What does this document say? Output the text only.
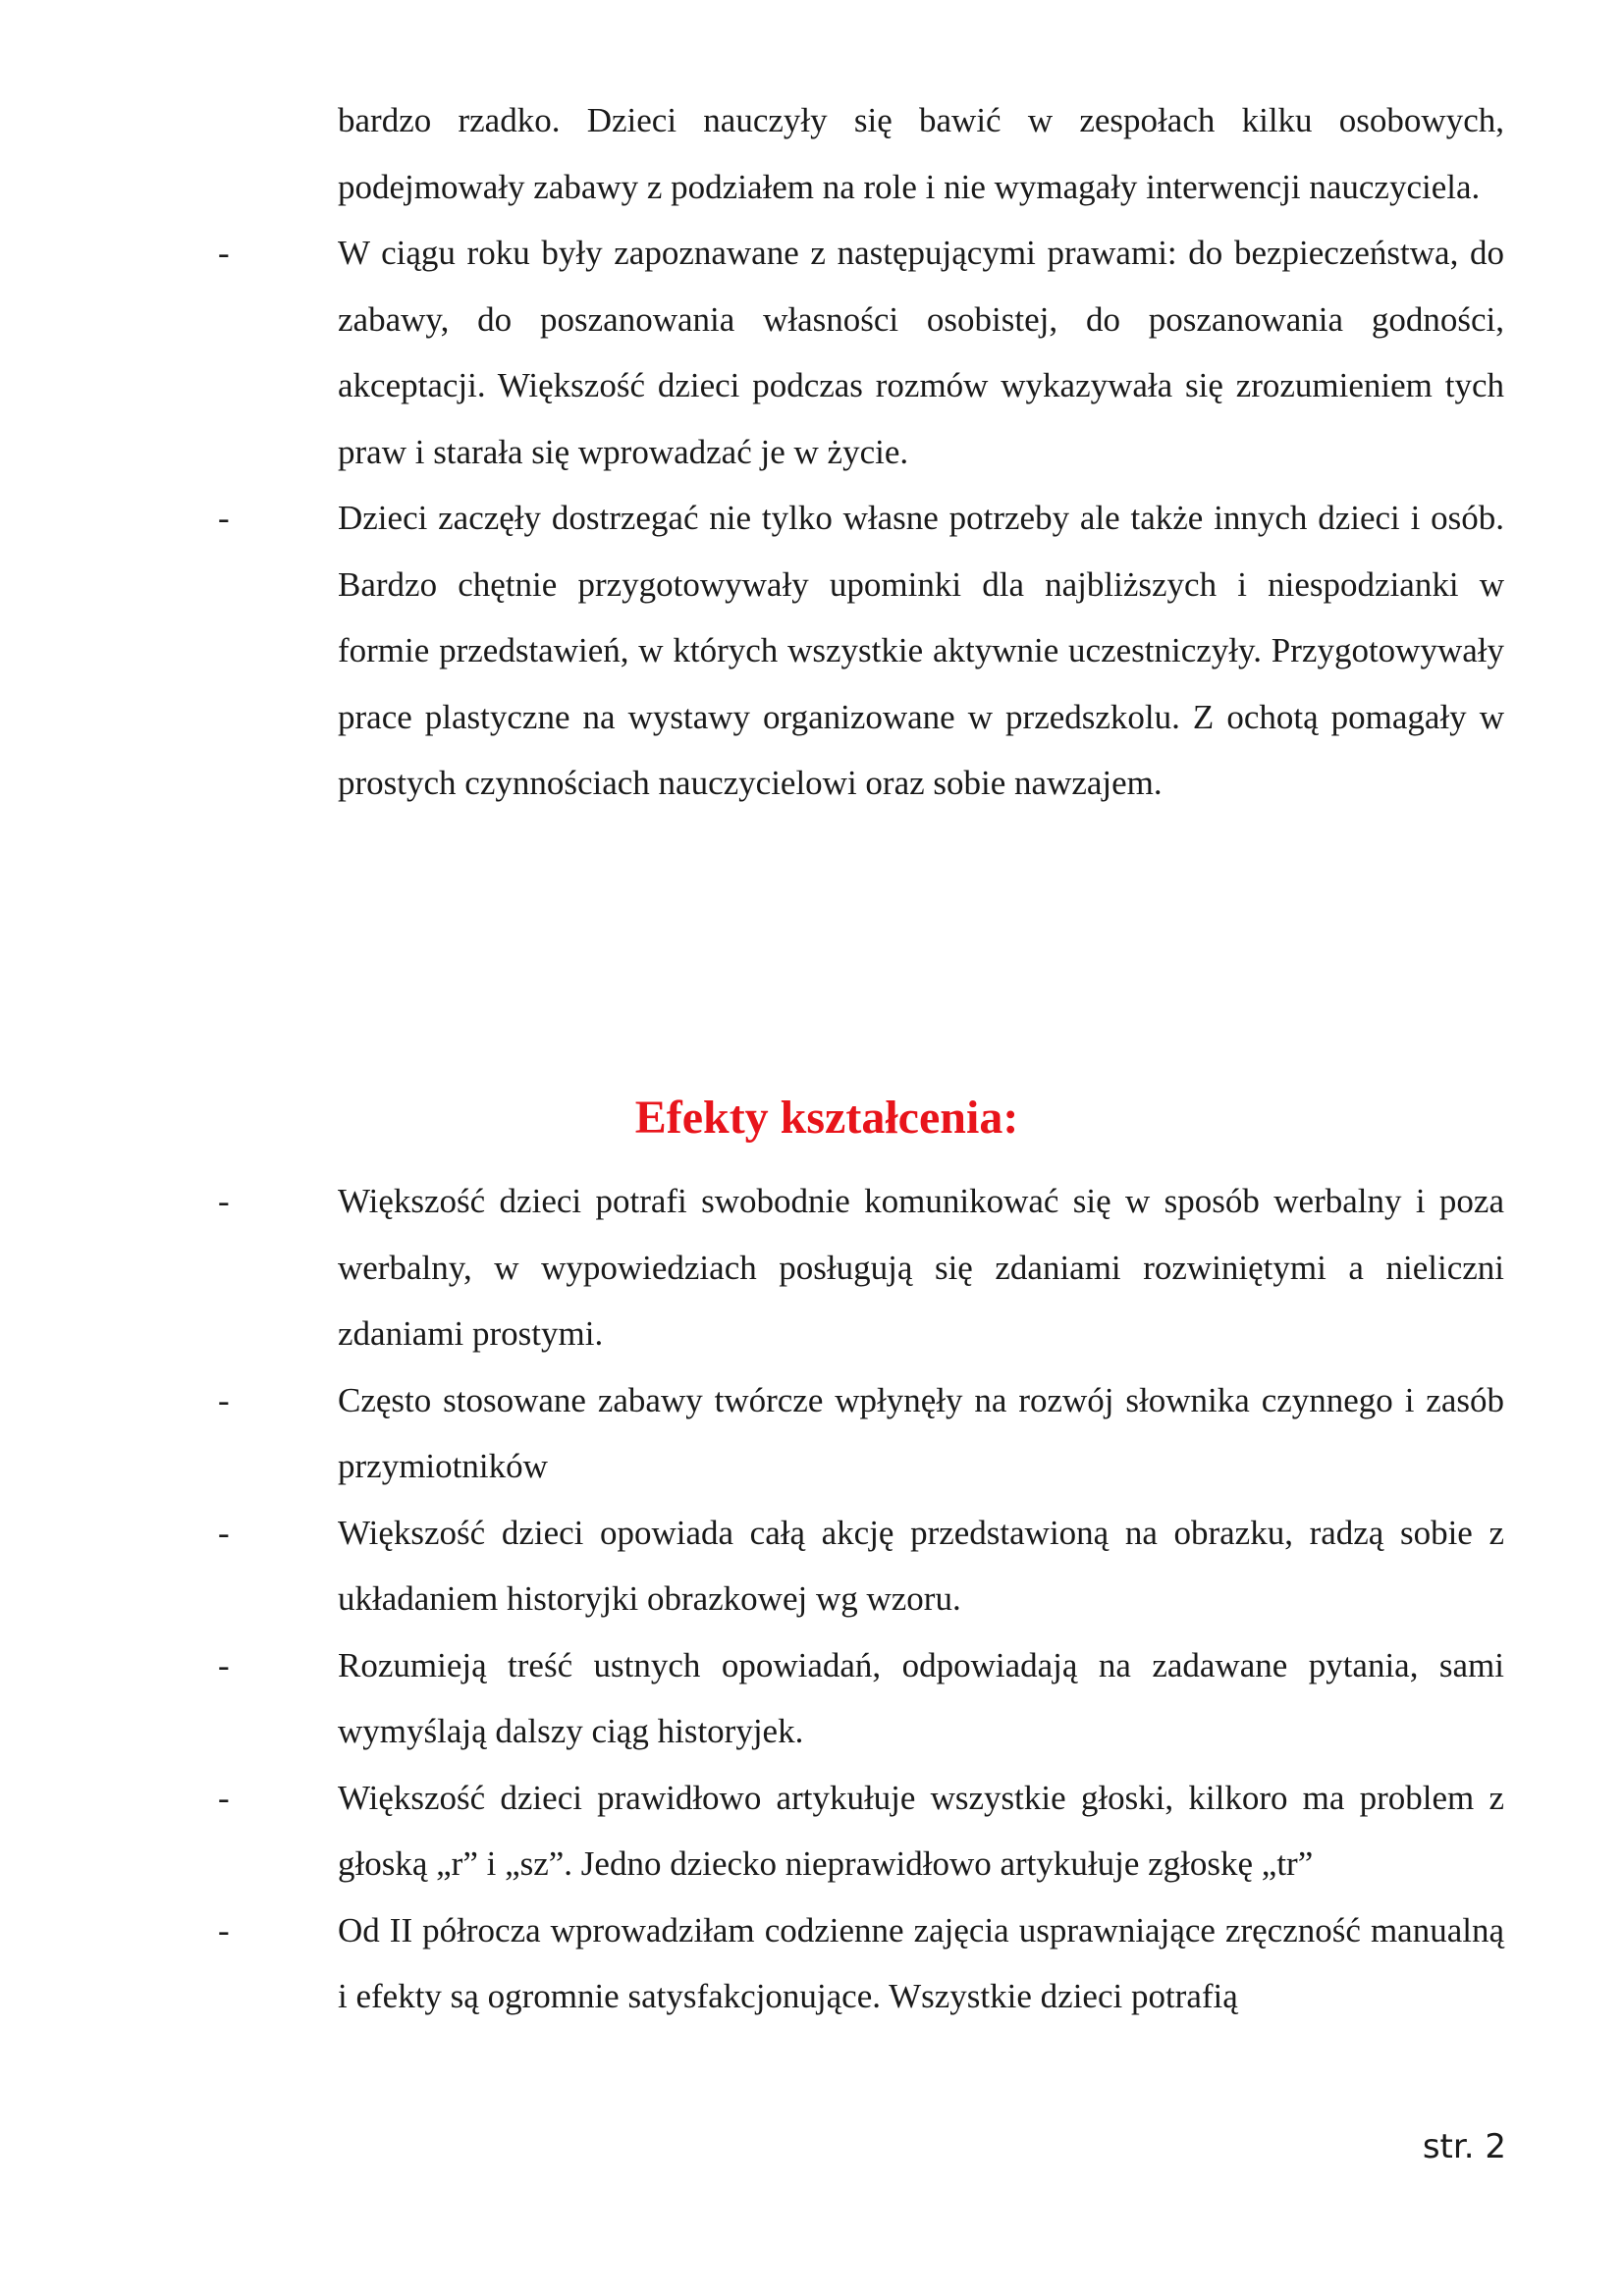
bardzo rzadko. Dzieci nauczyły się bawić w zespołach kilku osobowych, podejmowały zabawy z podziałem na role i nie wymagały interwencji nauczyciela.

-	W ciągu roku były zapoznawane z następującymi prawami: do bezpieczeństwa, do zabawy, do poszanowania własności osobistej, do poszanowania godności, akceptacji. Większość dzieci podczas rozmów wykazywała się zrozumieniem tych praw i starała się wprowadzać je w życie.

-	Dzieci zaczęły dostrzegać nie tylko własne potrzeby ale także innych dzieci i osób. Bardzo chętnie przygotowywały upominki dla najbliższych i niespodzianki w formie przedstawień, w których wszystkie aktywnie uczestniczyły. Przygotowywały prace plastyczne na wystawy organizowane w przedszkolu. Z ochotą pomagały w prostych czynnościach nauczycielowi oraz sobie nawzajem.

Efekty kształcenia:
-	Większość dzieci potrafi swobodnie komunikować się w sposób werbalny i poza werbalny, w wypowiedziach posługują się zdaniami rozwiniętymi a nieliczni zdaniami prostymi.

-	Często stosowane zabawy twórcze wpłynęły na rozwój słownika czynnego i zasób przymiotników

-	Większość dzieci opowiada całą akcję przedstawioną na obrazku, radzą sobie z układaniem historyjki obrazkowej wg wzoru.

-	Rozumieją treść ustnych opowiadań, odpowiadają na zadawane pytania, sami wymyślają dalszy ciąg historyjek.

-	Większość dzieci prawidłowo artykułuje wszystkie głoski, kilkoro ma problem z głoską „r” i „sz”. Jedno dziecko nieprawidłowo artykułuje zgłoskę „tr”

-	Od II półrocza wprowadziłam codzienne zajęcia usprawniające zręczność manualną i efekty są ogromnie satysfakcjonujące. Wszystkie dzieci potrafią

str. 2
